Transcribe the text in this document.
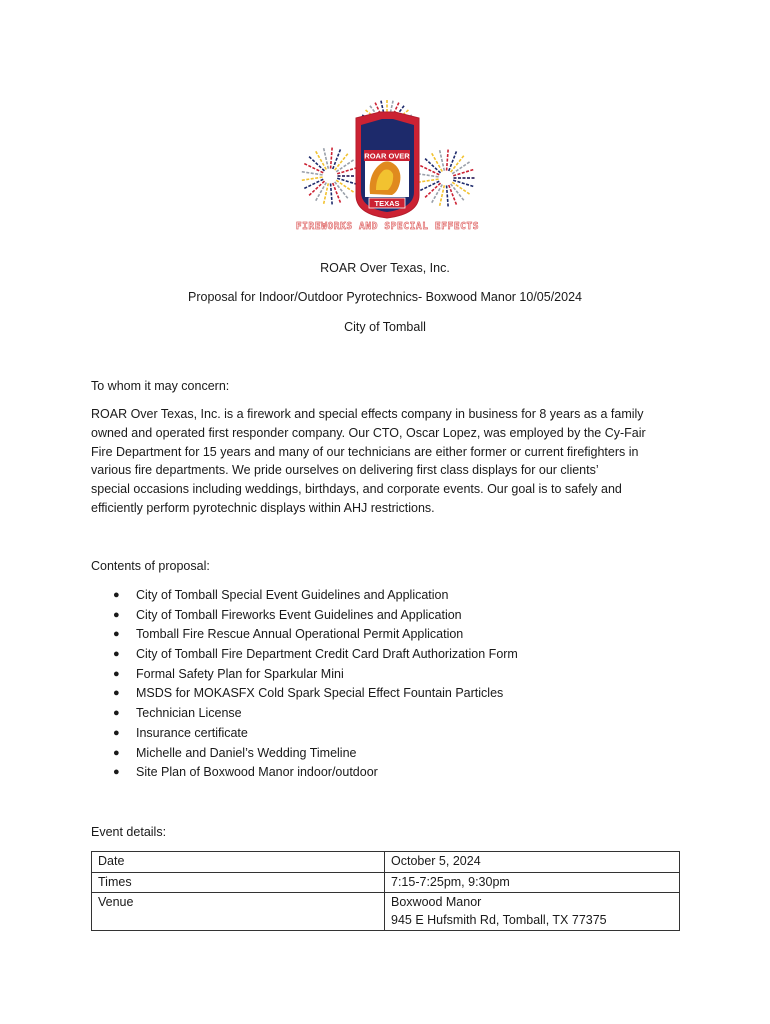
ROAR OVER
TEXAS
FIREWORKS AND SPECIAL EFFECTS
ROAR Over Texas, Inc.
Proposal for Indoor/Outdoor Pyrotechnics- Boxwood Manor 10/05/2024
City of Tomball
To whom it may concern:
ROAR Over Texas, Inc. is a firework and special effects company in business for 8 years as a family
owned and operated first responder company. Our CTO, Oscar Lopez, was employed by the Cy-Fair
Fire Department for 15 years and many of our technicians are either former or current firefighters in
various fire departments. We pride ourselves on delivering first class displays for our clients’
special occasions including weddings, birthdays, and corporate events. Our goal is to safely and
efficiently perform pyrotechnic displays within AHJ restrictions.
Contents of proposal:
● City of Tomball Special Event Guidelines and Application
● City of Tomball Fireworks Event Guidelines and Application
● Tomball Fire Rescue Annual Operational Permit Application
● City of Tomball Fire Department Credit Card Draft Authorization Form
● Formal Safety Plan for Sparkular Mini
● MSDS for MOKASFX Cold Spark Special Effect Fountain Particles
● Technician License
● Insurance certificate
● Michelle and Daniel’s Wedding Timeline
● Site Plan of Boxwood Manor indoor/outdoor
Event details:
Date	October 5, 2024

Times	7:15-7:25pm, 9:30pm

Venue	Boxwood Manor
945 E Hufsmith Rd, Tomball, TX 77375
